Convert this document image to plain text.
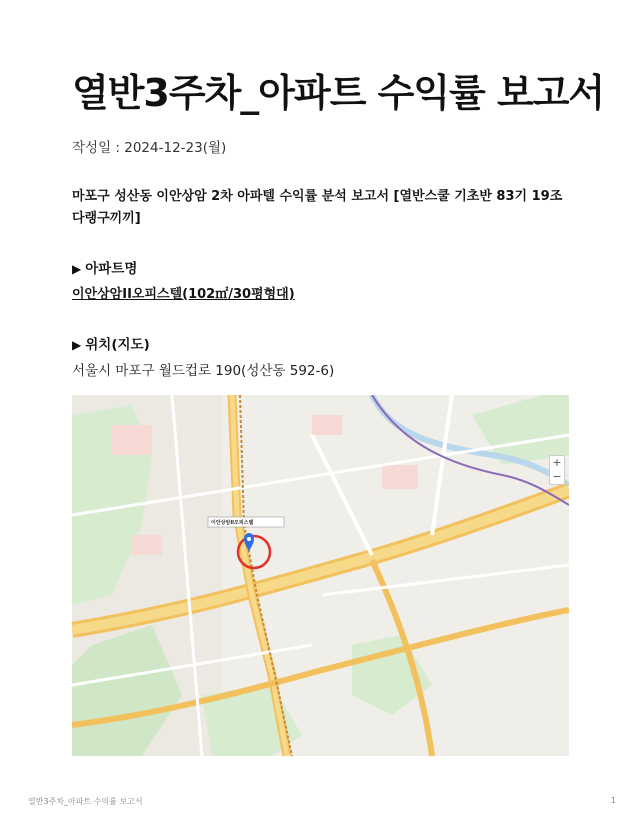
열반3주차_아파트 수익률 보고서
작성일 : 2024-12-23(월)
마포구 성산동 이안상암 2차 아파텔 수익률 분석 보고서 [열반스쿨 기초반 83기 19조 다랭구끼끼]
▶ 아파트명
이안상암II오피스텔(102㎡/30평형대)
▶ 위치(지도)
서울시 마포구 월드컵로 190(성산동 592-6)
이안상암II오피스텔
+
−
열반3주차_아파트 수익률 보고서	1
